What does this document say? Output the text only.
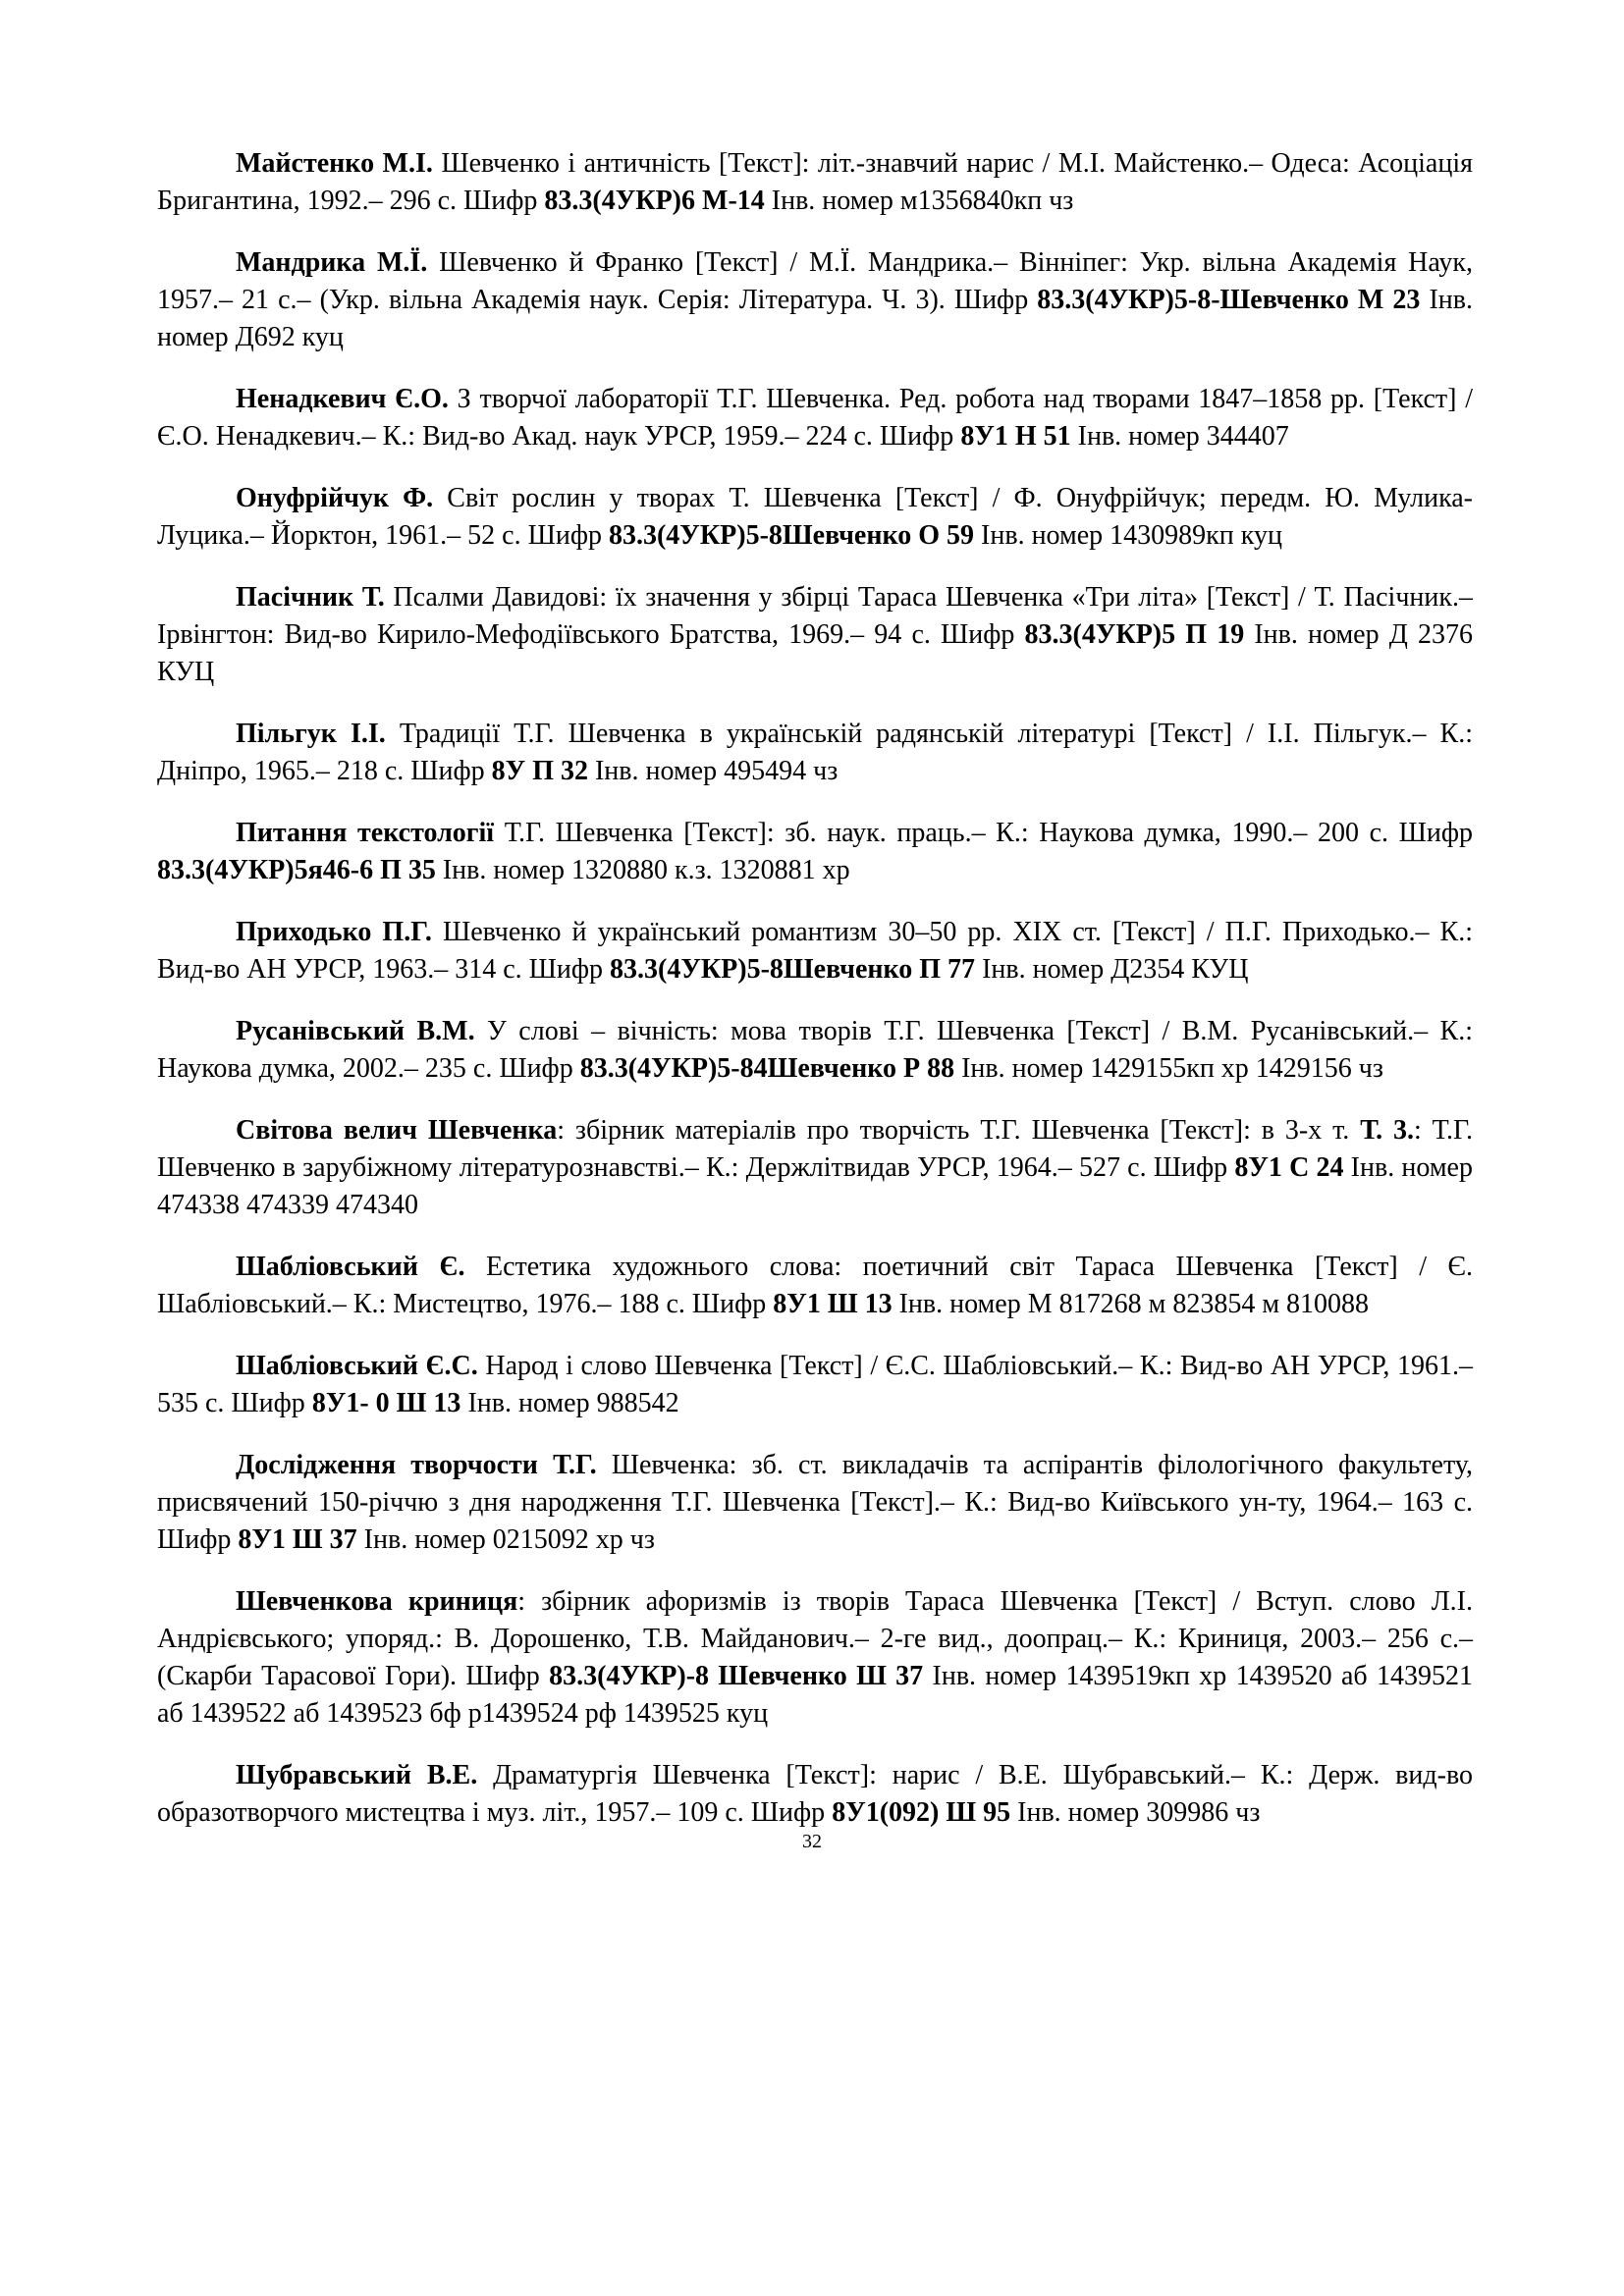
Майстенко М.І. Шевченко і античність [Текст]: літ.-знавчий нарис / М.І. Майстенко.– Одеса: Асоціація Бригантина, 1992.– 296 с. Шифр 83.3(4УКР)6 М-14 Інв. номер м1356840кп чз

Мандрика М.Ї. Шевченко й Франко [Текст] / М.Ї. Мандрика.– Вінніпег: Укр. вільна Академія Наук, 1957.– 21 с.– (Укр. вільна Академія наук. Серія: Література. Ч. 3). Шифр 83.3(4УКР)5-8-Шевченко М 23 Інв. номер Д692 куц

Ненадкевич Є.О. З творчої лабораторії Т.Г. Шевченка. Ред. робота над творами 1847–1858 рр. [Текст] / Є.О. Ненадкевич.– К.: Вид-во Акад. наук УРСР, 1959.– 224 с. Шифр 8У1 Н 51 Інв. номер 344407

Онуфрійчук Ф. Світ рослин у творах Т. Шевченка [Текст] / Ф. Онуфрійчук; передм. Ю. Мулика-Луцика.– Йорктон, 1961.– 52 с. Шифр 83.3(4УКР)5-8Шевченко О 59 Інв. номер 1430989кп куц

Пасічник Т. Псалми Давидові: їх значення у збірці Тараса Шевченка «Три літа» [Текст] / Т. Пасічник.– Ірвінгтон: Вид-во Кирило-Мефодіївського Братства, 1969.– 94 с. Шифр 83.3(4УКР)5 П 19 Інв. номер Д 2376 КУЦ

Пільгук І.І. Традиції Т.Г. Шевченка в українській радянській літературі [Текст] / І.І. Пільгук.– К.: Дніпро, 1965.– 218 с. Шифр 8У П 32 Інв. номер 495494 чз

Питання текстології Т.Г. Шевченка [Текст]: зб. наук. праць.– К.: Наукова думка, 1990.– 200 с. Шифр 83.3(4УКР)5я46-6 П 35 Інв. номер 1320880 к.з. 1320881 хр

Приходько П.Г. Шевченко й український романтизм 30–50 рр. XIX ст. [Текст] / П.Г. Приходько.– К.: Вид-во АН УРСР, 1963.– 314 с. Шифр 83.3(4УКР)5-8Шевченко П 77 Інв. номер Д2354 КУЦ

Русанівський В.М. У слові – вічність: мова творів Т.Г. Шевченка [Текст] / В.М. Русанівський.– К.: Наукова думка, 2002.– 235 с. Шифр 83.3(4УКР)5-84Шевченко Р 88 Інв. номер 1429155кп хр 1429156 чз

Світова велич Шевченка: збірник матеріалів про творчість Т.Г. Шевченка [Текст]: в 3-х т. Т. 3.: Т.Г. Шевченко в зарубіжному літературознавстві.– К.: Держлітвидав УРСР, 1964.– 527 с. Шифр 8У1 С 24 Інв. номер 474338 474339 474340

Шабліовський Є. Естетика художнього слова: поетичний світ Тараса Шевченка [Текст] / Є. Шабліовський.– К.: Мистецтво, 1976.– 188 с. Шифр 8У1 Ш 13 Інв. номер М 817268 м 823854 м 810088

Шабліовський Є.С. Народ і слово Шевченка [Текст] / Є.С. Шабліовський.– К.: Вид-во АН УРСР, 1961.– 535 с. Шифр 8У1- 0 Ш 13 Інв. номер 988542

Дослідження творчости Т.Г. Шевченка: зб. ст. викладачів та аспірантів філологічного факультету, присвячений 150-річчю з дня народження Т.Г. Шевченка [Текст].– К.: Вид-во Київського ун-ту, 1964.– 163 с. Шифр 8У1 Ш 37 Інв. номер 0215092 хр чз

Шевченкова криниця: збірник афоризмів із творів Тараса Шевченка [Текст] / Вступ. слово Л.І. Андрієвського; упоряд.: В. Дорошенко, Т.В. Майданович.– 2-ге вид., доопрац.– К.: Криниця, 2003.– 256 с.– (Скарби Тарасової Гори). Шифр 83.3(4УКР)-8 Шевченко Ш 37 Інв. номер 1439519кп хр 1439520 аб 1439521 аб 1439522 аб 1439523 бф р1439524 рф 1439525 куц

Шубравський В.Е. Драматургія Шевченка [Текст]: нарис / В.Е. Шубравський.– К.: Держ. вид-во образотворчого мистецтва і муз. літ., 1957.– 109 с. Шифр 8У1(092) Ш 95 Інв. номер 309986 чз

32
